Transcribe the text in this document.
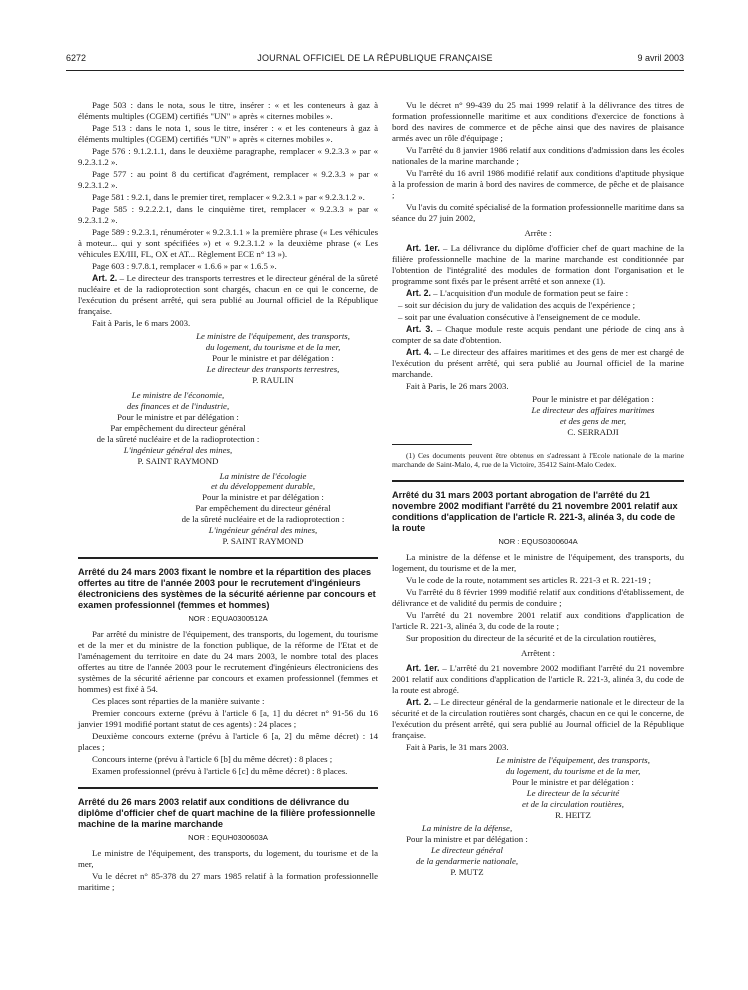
6272	JOURNAL OFFICIEL DE LA RÉPUBLIQUE FRANÇAISE	9 avril 2003

Page 503 : dans le nota, sous le titre, insérer : « et les conteneurs à gaz à éléments multiples (CGEM) certifiés "UN" » après « citernes mobiles ».

Page 513 : dans le nota 1, sous le titre, insérer : « et les conteneurs à gaz à éléments multiples (CGEM) certifiés "UN" » après « citernes mobiles ».

Page 576 : 9.1.2.1.1, dans le deuxième paragraphe, remplacer « 9.2.3.3 » par « 9.2.3.1.2 ».

Page 577 : au point 8 du certificat d'agrément, remplacer « 9.2.3.3 » par « 9.2.3.1.2 ».

Page 581 : 9.2.1, dans le premier tiret, remplacer « 9.2.3.1 » par « 9.2.3.1.2 ».

Page 585 : 9.2.2.2.1, dans le cinquième tiret, remplacer « 9.2.3.3 » par « 9.2.3.1.2 ».

Page 589 : 9.2.3.1, rénuméroter « 9.2.3.1.1 » la première phrase (« Les véhicules à moteur... qui y sont spécifiées ») et « 9.2.3.1.2 » la deuxième phrase (« Les véhicules EX/III, FL, OX et AT... Règlement ECE n° 13 »).

Page 603 : 9.7.8.1, remplacer « 1.6.6 » par « 1.6.5 ».

Art. 2. – Le directeur des transports terrestres et le directeur général de la sûreté nucléaire et de la radioprotection sont chargés, chacun en ce qui le concerne, de l'exécution du présent arrêté, qui sera publié au Journal officiel de la République française.

Fait à Paris, le 6 mars 2003.

Le ministre de l'équipement, des transports,

du logement, du tourisme et de la mer,

Pour le ministre et par délégation :

Le directeur des transports terrestres,

P. RAULIN

Le ministre de l'économie,

des finances et de l'industrie,

Pour le ministre et par délégation :

Par empêchement du directeur général

de la sûreté nucléaire et de la radioprotection :

L'ingénieur général des mines,

P. SAINT RAYMOND

La ministre de l'écologie

et du développement durable,

Pour la ministre et par délégation :

Par empêchement du directeur général

de la sûreté nucléaire et de la radioprotection :

L'ingénieur général des mines,

P. SAINT RAYMOND

Arrêté du 24 mars 2003 fixant le nombre et la répartition des places offertes au titre de l'année 2003 pour le recrutement d'ingénieurs électroniciens des systèmes de la sécurité aérienne par concours et examen professionnel (femmes et hommes)

NOR : EQUA0300512A

Par arrêté du ministre de l'équipement, des transports, du logement, du tourisme et de la mer et du ministre de la fonction publique, de la réforme de l'Etat et de l'aménagement du territoire en date du 24 mars 2003, le nombre total des places offertes au titre de l'année 2003 pour le recrutement d'ingénieurs électroniciens des systèmes de la sécurité aérienne par concours et examen professionnel (femmes et hommes) est fixé à 54.

Ces places sont réparties de la manière suivante :

Premier concours externe (prévu à l'article 6 [a, 1] du décret n° 91-56 du 16 janvier 1991 modifié portant statut de ces agents) : 24 places ;

Deuxième concours externe (prévu à l'article 6 [a, 2] du même décret) : 14 places ;

Concours interne (prévu à l'article 6 [b] du même décret) : 8 places ;

Examen professionnel (prévu à l'article 6 [c] du même décret) : 8 places.

Arrêté du 26 mars 2003 relatif aux conditions de délivrance du diplôme d'officier chef de quart machine de la filière professionnelle machine de la marine marchande

NOR : EQUH0300603A

Le ministre de l'équipement, des transports, du logement, du tourisme et de la mer,

Vu le décret n° 85-378 du 27 mars 1985 relatif à la formation professionnelle maritime ;

Vu le décret n° 99-439 du 25 mai 1999 relatif à la délivrance des titres de formation professionnelle maritime et aux conditions d'exercice de fonctions à bord des navires de commerce et de pêche ainsi que des navires de plaisance armés avec un rôle d'équipage ;

Vu l'arrêté du 8 janvier 1986 relatif aux conditions d'admission dans les écoles nationales de la marine marchande ;

Vu l'arrêté du 16 avril 1986 modifié relatif aux conditions d'aptitude physique à la profession de marin à bord des navires de commerce, de pêche et de plaisance ;

Vu l'avis du comité spécialisé de la formation professionnelle maritime dans sa séance du 27 juin 2002,

Arrête :

Art. 1er. – La délivrance du diplôme d'officier chef de quart machine de la filière professionnelle machine de la marine marchande est conditionnée par l'obtention de l'intégralité des modules de formation dont l'organisation et le programme sont fixés par le présent arrêté et son annexe (1).

Art. 2. – L'acquisition d'un module de formation peut se faire :

– soit sur décision du jury de validation des acquis de l'expérience ;

– soit par une évaluation consécutive à l'enseignement de ce module.

Art. 3. – Chaque module reste acquis pendant une période de cinq ans à compter de sa date d'obtention.

Art. 4. – Le directeur des affaires maritimes et des gens de mer est chargé de l'exécution du présent arrêté, qui sera publié au Journal officiel de la marine marchande.

Fait à Paris, le 26 mars 2003.

Pour le ministre et par délégation :

Le directeur des affaires maritimes

et des gens de mer,

C. SERRADJI

(1) Ces documents peuvent être obtenus en s'adressant à l'Ecole nationale de la marine marchande de Saint-Malo, 4, rue de la Victoire, 35412 Saint-Malo Cedex.

Arrêté du 31 mars 2003 portant abrogation de l'arrêté du 21 novembre 2002 modifiant l'arrêté du 21 novembre 2001 relatif aux conditions d'application de l'article R. 221-3, alinéa 3, du code de la route

NOR : EQUS0300604A

La ministre de la défense et le ministre de l'équipement, des transports, du logement, du tourisme et de la mer,

Vu le code de la route, notamment ses articles R. 221-3 et R. 221-19 ;

Vu l'arrêté du 8 février 1999 modifié relatif aux conditions d'établissement, de délivrance et de validité du permis de conduire ;

Vu l'arrêté du 21 novembre 2001 relatif aux conditions d'application de l'article R. 221-3, alinéa 3, du code de la route ;

Sur proposition du directeur de la sécurité et de la circulation routières,

Arrêtent :

Art. 1er. – L'arrêté du 21 novembre 2002 modifiant l'arrêté du 21 novembre 2001 relatif aux conditions d'application de l'article R. 221-3, alinéa 3, du code de la route est abrogé.

Art. 2. – Le directeur général de la gendarmerie nationale et le directeur de la sécurité et de la circulation routières sont chargés, chacun en ce qui le concerne, de l'exécution du présent arrêté, qui sera publié au Journal officiel de la République française.

Fait à Paris, le 31 mars 2003.

Le ministre de l'équipement, des transports,

du logement, du tourisme et de la mer,

Pour le ministre et par délégation :

Le directeur de la sécurité

et de la circulation routières,

R. HEITZ

La ministre de la défense,

Pour la ministre et par délégation :

Le directeur général

de la gendarmerie nationale,

P. MUTZ
